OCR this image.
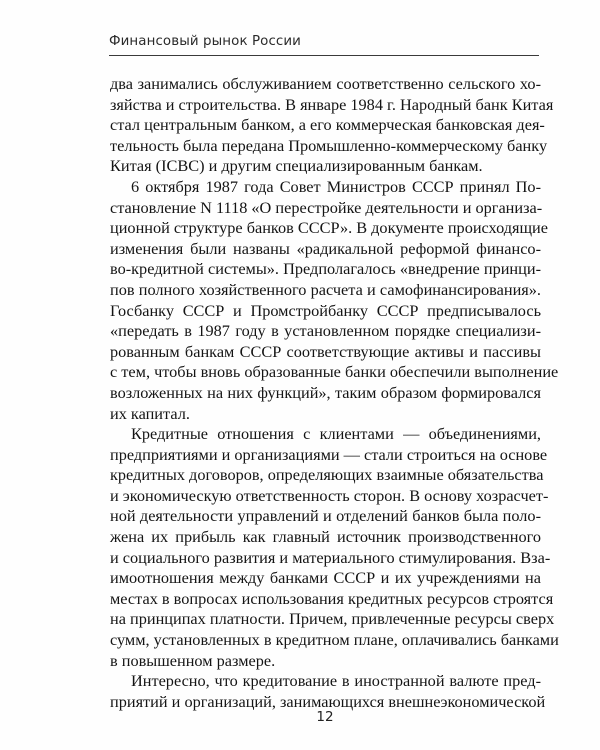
Финансовый рынок России
два занимались обслуживанием соответственно сельского хо-
зяйства и строительства. В январе 1984 г. Народный банк Китая
стал центральным банком, а его коммерческая банковская дея-
тельность была передана Промышленно-коммерческому банку
Китая (ICBC) и другим специализированным банкам.
6 октября 1987 года Совет Министров СССР принял По-
становление N 1118 «О перестройке деятельности и организа-
ционной структуре банков СССР». В документе происходящие
изменения были названы «радикальной реформой финансо-
во-кредитной системы». Предполагалось «внедрение принци-
пов полного хозяйственного расчета и самофинансирования».
Госбанку СССР и Промстройбанку СССР предписывалось
«передать в 1987 году в установленном порядке специализи-
рованным банкам СССР соответствующие активы и пассивы
с тем, чтобы вновь образованные банки обеспечили выполнение
возложенных на них функций», таким образом формировался
их капитал.
Кредитные отношения с клиентами — объединениями,
предприятиями и организациями — стали строиться на основе
кредитных договоров, определяющих взаимные обязательства
и экономическую ответственность сторон. В основу хозрасчет-
ной деятельности управлений и отделений банков была поло-
жена их прибыль как главный источник производственного
и социального развития и материального стимулирования. Вза-
имоотношения между банками СССР и их учреждениями на
местах в вопросах использования кредитных ресурсов строятся
на принципах платности. Причем, привлеченные ресурсы сверх
сумм, установленных в кредитном плане, оплачивались банками
в повышенном размере.
Интересно, что кредитование в иностранной валюте пред-
приятий и организаций, занимающихся внешнеэкономической
12
